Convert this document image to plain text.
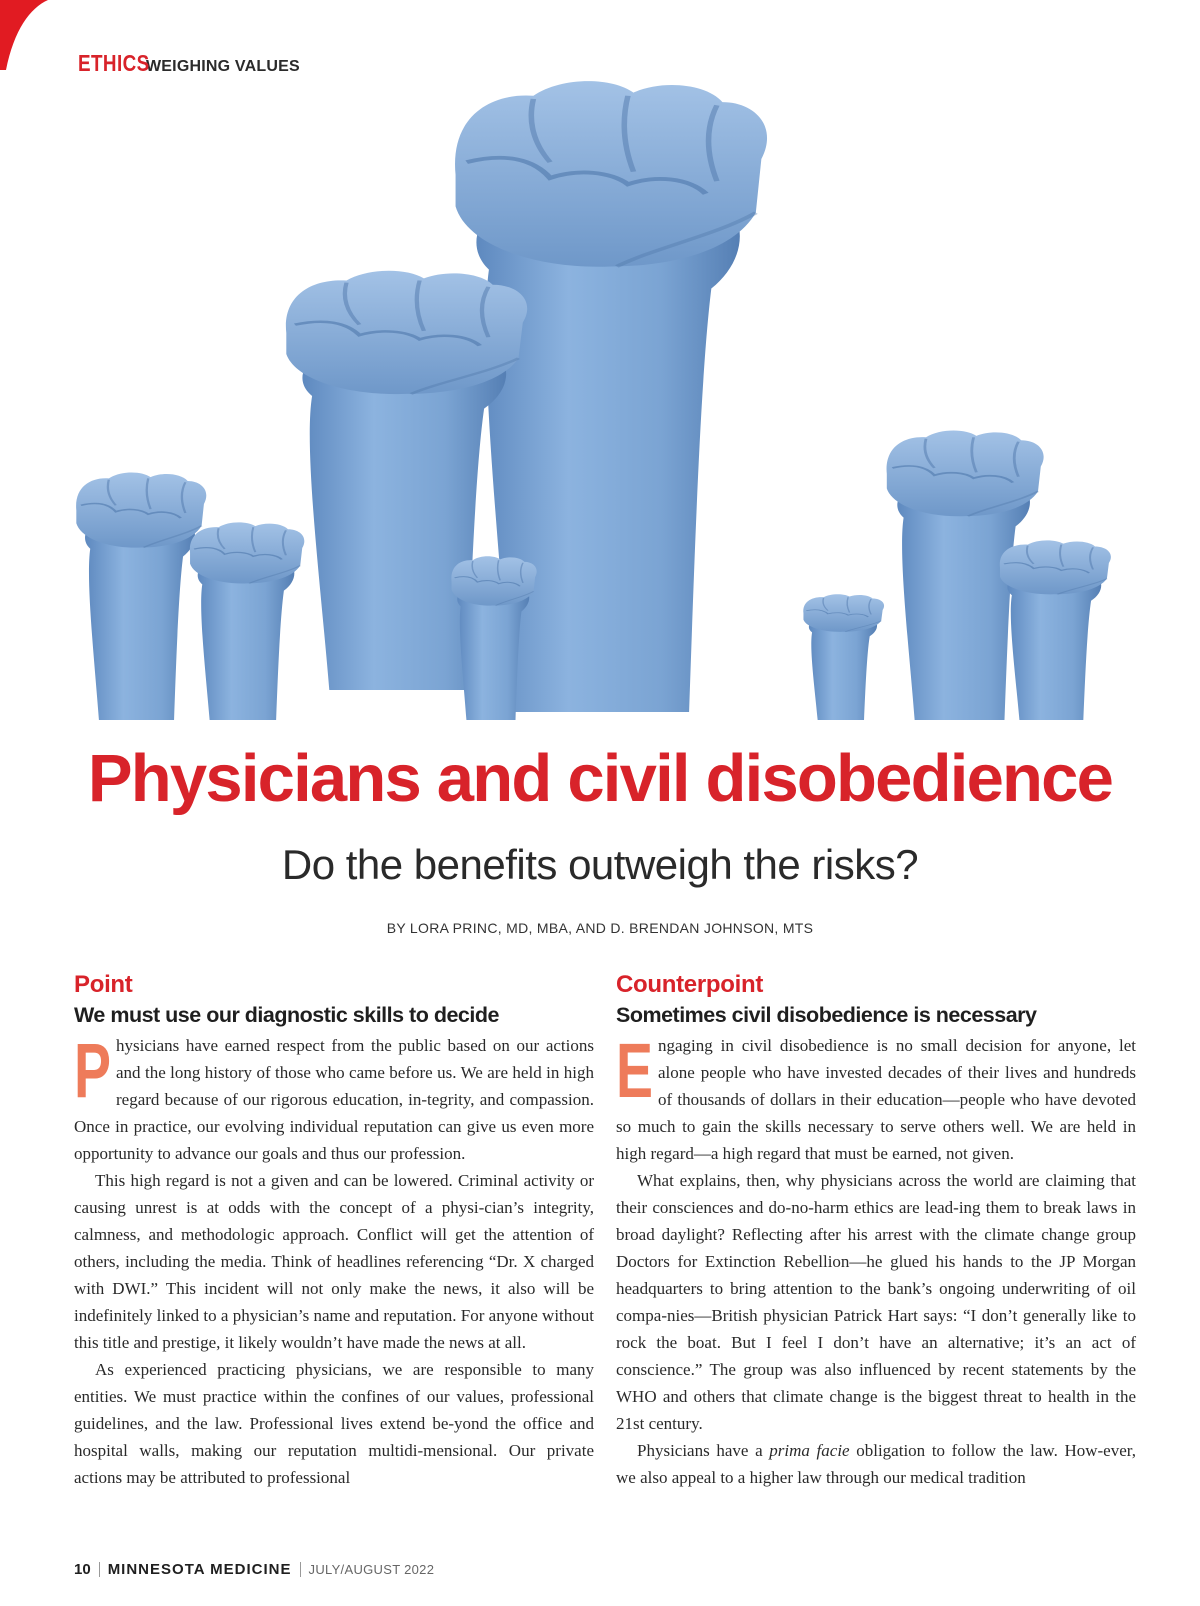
ETHICS
WEIGHING VALUES
Physicians and civil disobedience
Do the benefits outweigh the risks?
BY LORA PRINC, MD, MBA, AND D. BRENDAN JOHNSON, MTS
Point
We must use our diagnostic skills to decide

Physicians have earned respect from the public based on our actions and the long history of those who came before us. We are held in high regard because of our rigorous education, in-tegrity, and compassion. Once in practice, our evolving individual reputation can give us even more opportunity to advance our goals and thus our profession.

This high regard is not a given and can be lowered. Criminal activity or causing unrest is at odds with the concept of a physi-cian’s integrity, calmness, and methodologic approach. Conflict will get the attention of others, including the media. Think of headlines referencing “Dr. X charged with DWI.” This incident will not only make the news, it also will be indefinitely linked to a physician’s name and reputation. For anyone without this title and prestige, it likely wouldn’t have made the news at all.

As experienced practicing physicians, we are responsible to many entities. We must practice within the confines of our values, professional guidelines, and the law. Professional lives extend be-yond the office and hospital walls, making our reputation multidi-mensional. Our private actions may be attributed to professional

Counterpoint
Sometimes civil disobedience is necessary

Engaging in civil disobedience is no small decision for anyone, let alone people who have invested decades of their lives and hundreds of thousands of dollars in their education—people who have devoted so much to gain the skills necessary to serve others well. We are held in high regard—a high regard that must be earned, not given.

What explains, then, why physicians across the world are claiming that their consciences and do-no-harm ethics are lead-ing them to break laws in broad daylight? Reflecting after his arrest with the climate change group Doctors for Extinction Rebellion—he glued his hands to the JP Morgan headquarters to bring attention to the bank’s ongoing underwriting of oil compa-nies—British physician Patrick Hart says: “I don’t generally like to rock the boat. But I feel I don’t have an alternative; it’s an act of conscience.” The group was also influenced by recent statements by the WHO and others that climate change is the biggest threat to health in the 21st century.

Physicians have a prima facie obligation to follow the law. How-ever, we also appeal to a higher law through our medical tradition

10 MINNESOTA MEDICINE JULY/AUGUST 2022
